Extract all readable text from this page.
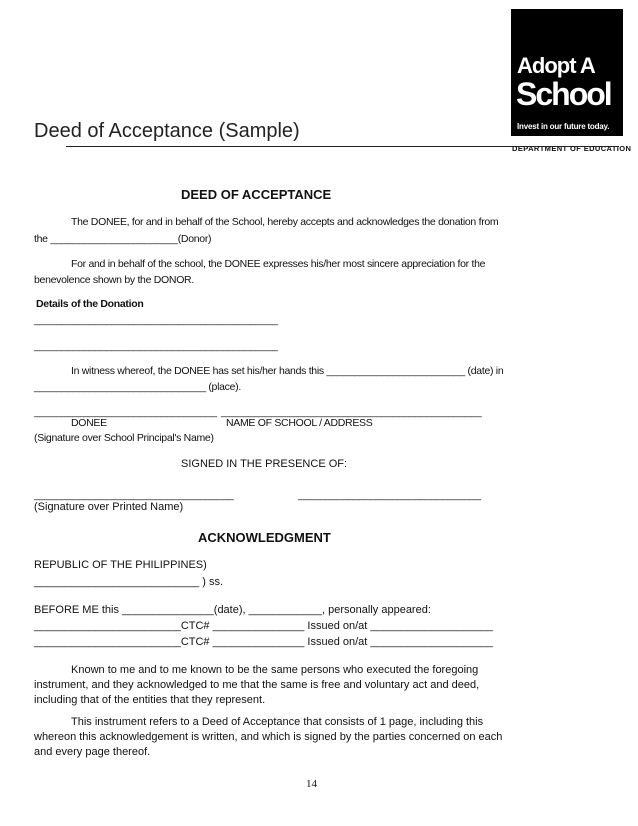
Adopt A
School
Invest in our future today.
DEPARTMENT OF EDUCATION
Deed of Acceptance (Sample)
DEED OF ACCEPTANCE
The DONEE, for and in behalf of the School, hereby accepts and acknowledges the donation from
the _______________________(Donor)
For and in behalf of the school, the DONEE expresses his/her most sincere appreciation for the
benevolence shown by the DONOR.
Details of the Donation
____________________________________________
____________________________________________
In witness whereof, the DONEE has set his/her hands this _________________________ (date) in
_______________________________ (place).
_________________________________ _______________________________________________
DONEE	NAME OF SCHOOL / ADDRESS
(Signature over School Principal's Name)
SIGNED IN THE PRESENCE OF:
____________________________________	_________________________________
(Signature over Printed Name)
ACKNOWLEDGMENT
REPUBLIC OF THE PHILIPPINES)
___________________________ ) ss.
BEFORE ME this _______________(date), ____________, personally appeared:
________________________CTC# _______________ Issued on/at ____________________
________________________CTC# _______________ Issued on/at ____________________
Known to me and to me known to be the same persons who executed the foregoing
instrument, and they acknowledged to me that the same is free and voluntary act and deed,
including that of the entities that they represent.
This instrument refers to a Deed of Acceptance that consists of 1 page, including this
whereon this acknowledgement is written, and which is signed by the parties concerned on each
and every page thereof.
14
